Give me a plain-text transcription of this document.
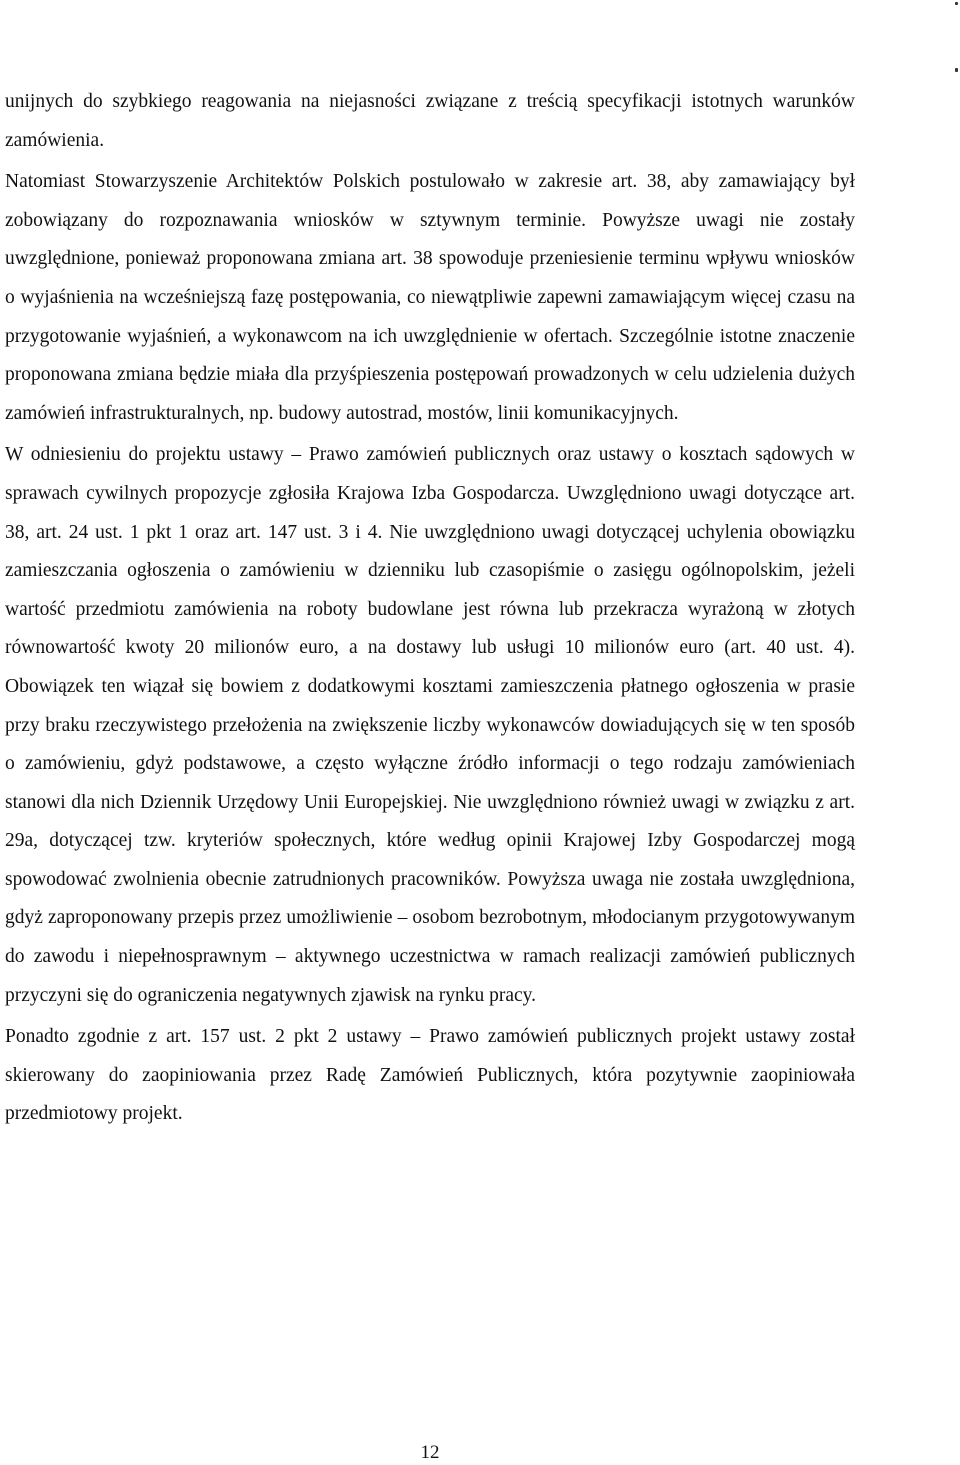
unijnych do szybkiego reagowania na niejasności związane z treścią specyfikacji istotnych warunków zamówienia.

Natomiast Stowarzyszenie Architektów Polskich postulowało w zakresie art. 38, aby zamawiający był zobowiązany do rozpoznawania wniosków w sztywnym terminie. Powyższe uwagi nie zostały uwzględnione, ponieważ proponowana zmiana art. 38 spowoduje przeniesienie terminu wpływu wniosków o wyjaśnienia na wcześniejszą fazę postępowania, co niewątpliwie zapewni zamawiającym więcej czasu na przygotowanie wyjaśnień, a wykonawcom na ich uwzględnienie w ofertach. Szczególnie istotne znaczenie proponowana zmiana będzie miała dla przyśpieszenia postępowań prowadzonych w celu udzielenia dużych zamówień infrastrukturalnych, np. budowy autostrad, mostów, linii komunikacyjnych.

W odniesieniu do projektu ustawy – Prawo zamówień publicznych oraz ustawy o kosztach sądowych w sprawach cywilnych propozycje zgłosiła Krajowa Izba Gospodarcza. Uwzględniono uwagi dotyczące art. 38, art. 24 ust. 1 pkt 1 oraz art. 147 ust. 3 i 4. Nie uwzględniono uwagi dotyczącej uchylenia obowiązku zamieszczania ogłoszenia o zamówieniu w dzienniku lub czasopiśmie o zasięgu ogólnopolskim, jeżeli wartość przedmiotu zamówienia na roboty budowlane jest równa lub przekracza wyrażoną w złotych równowartość kwoty 20 milionów euro, a na dostawy lub usługi 10 milionów euro (art. 40 ust. 4). Obowiązek ten wiązał się bowiem z dodatkowymi kosztami zamieszczenia płatnego ogłoszenia w prasie przy braku rzeczywistego przełożenia na zwiększenie liczby wykonawców dowiadujących się w ten sposób o zamówieniu, gdyż podstawowe, a często wyłączne źródło informacji o tego rodzaju zamówieniach stanowi dla nich Dziennik Urzędowy Unii Europejskiej. Nie uwzględniono również uwagi w związku z art. 29a, dotyczącej tzw. kryteriów społecznych, które według opinii Krajowej Izby Gospodarczej mogą spowodować zwolnienia obecnie zatrudnionych pracowników. Powyższa uwaga nie została uwzględniona, gdyż zaproponowany przepis przez umożliwienie – osobom bezrobotnym, młodocianym przygotowywanym do zawodu i niepełnosprawnym – aktywnego uczestnictwa w ramach realizacji zamówień publicznych przyczyni się do ograniczenia negatywnych zjawisk na rynku pracy.

Ponadto zgodnie z art. 157 ust. 2 pkt 2 ustawy – Prawo zamówień publicznych projekt ustawy został skierowany do zaopiniowania przez Radę Zamówień Publicznych, która pozytywnie zaopiniowała przedmiotowy projekt.

12
